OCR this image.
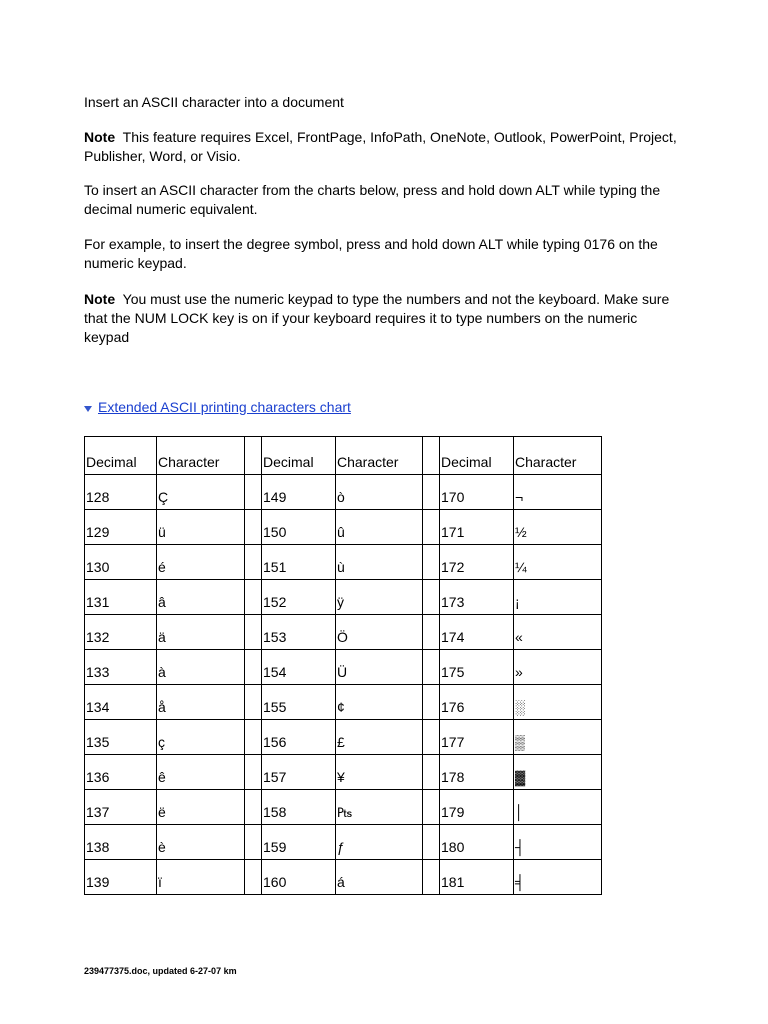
Insert an ASCII character into a document

Note This feature requires Excel, FrontPage, InfoPath, OneNote, Outlook, PowerPoint, Project, Publisher, Word, or Visio.

To insert an ASCII character from the charts below, press and hold down ALT while typing the decimal numeric equivalent.

For example, to insert the degree symbol, press and hold down ALT while typing 0176 on the numeric keypad.

Note You must use the numeric keypad to type the numbers and not the keyboard. Make sure that the NUM LOCK key is on if your keyboard requires it to type numbers on the numeric keypad

Extended ASCII printing characters chart
Decimal	Character		Decimal	Character		Decimal	Character
128	Ç		149	ò		170	¬
129	ü		150	û		171	½
130	é		151	ù		172	¼
131	â		152	ÿ		173	¡
132	ä		153	Ö		174	«
133	à		154	Ü		175	»
134	å		155	¢		176	░
135	ç		156	£		177	▒
136	ê		157	¥		178	▓
137	ë		158	₧		179	│
138	è		159	ƒ		180	┤
139	ï		160	á		181	╡
239477375.doc, updated 6-27-07 km
